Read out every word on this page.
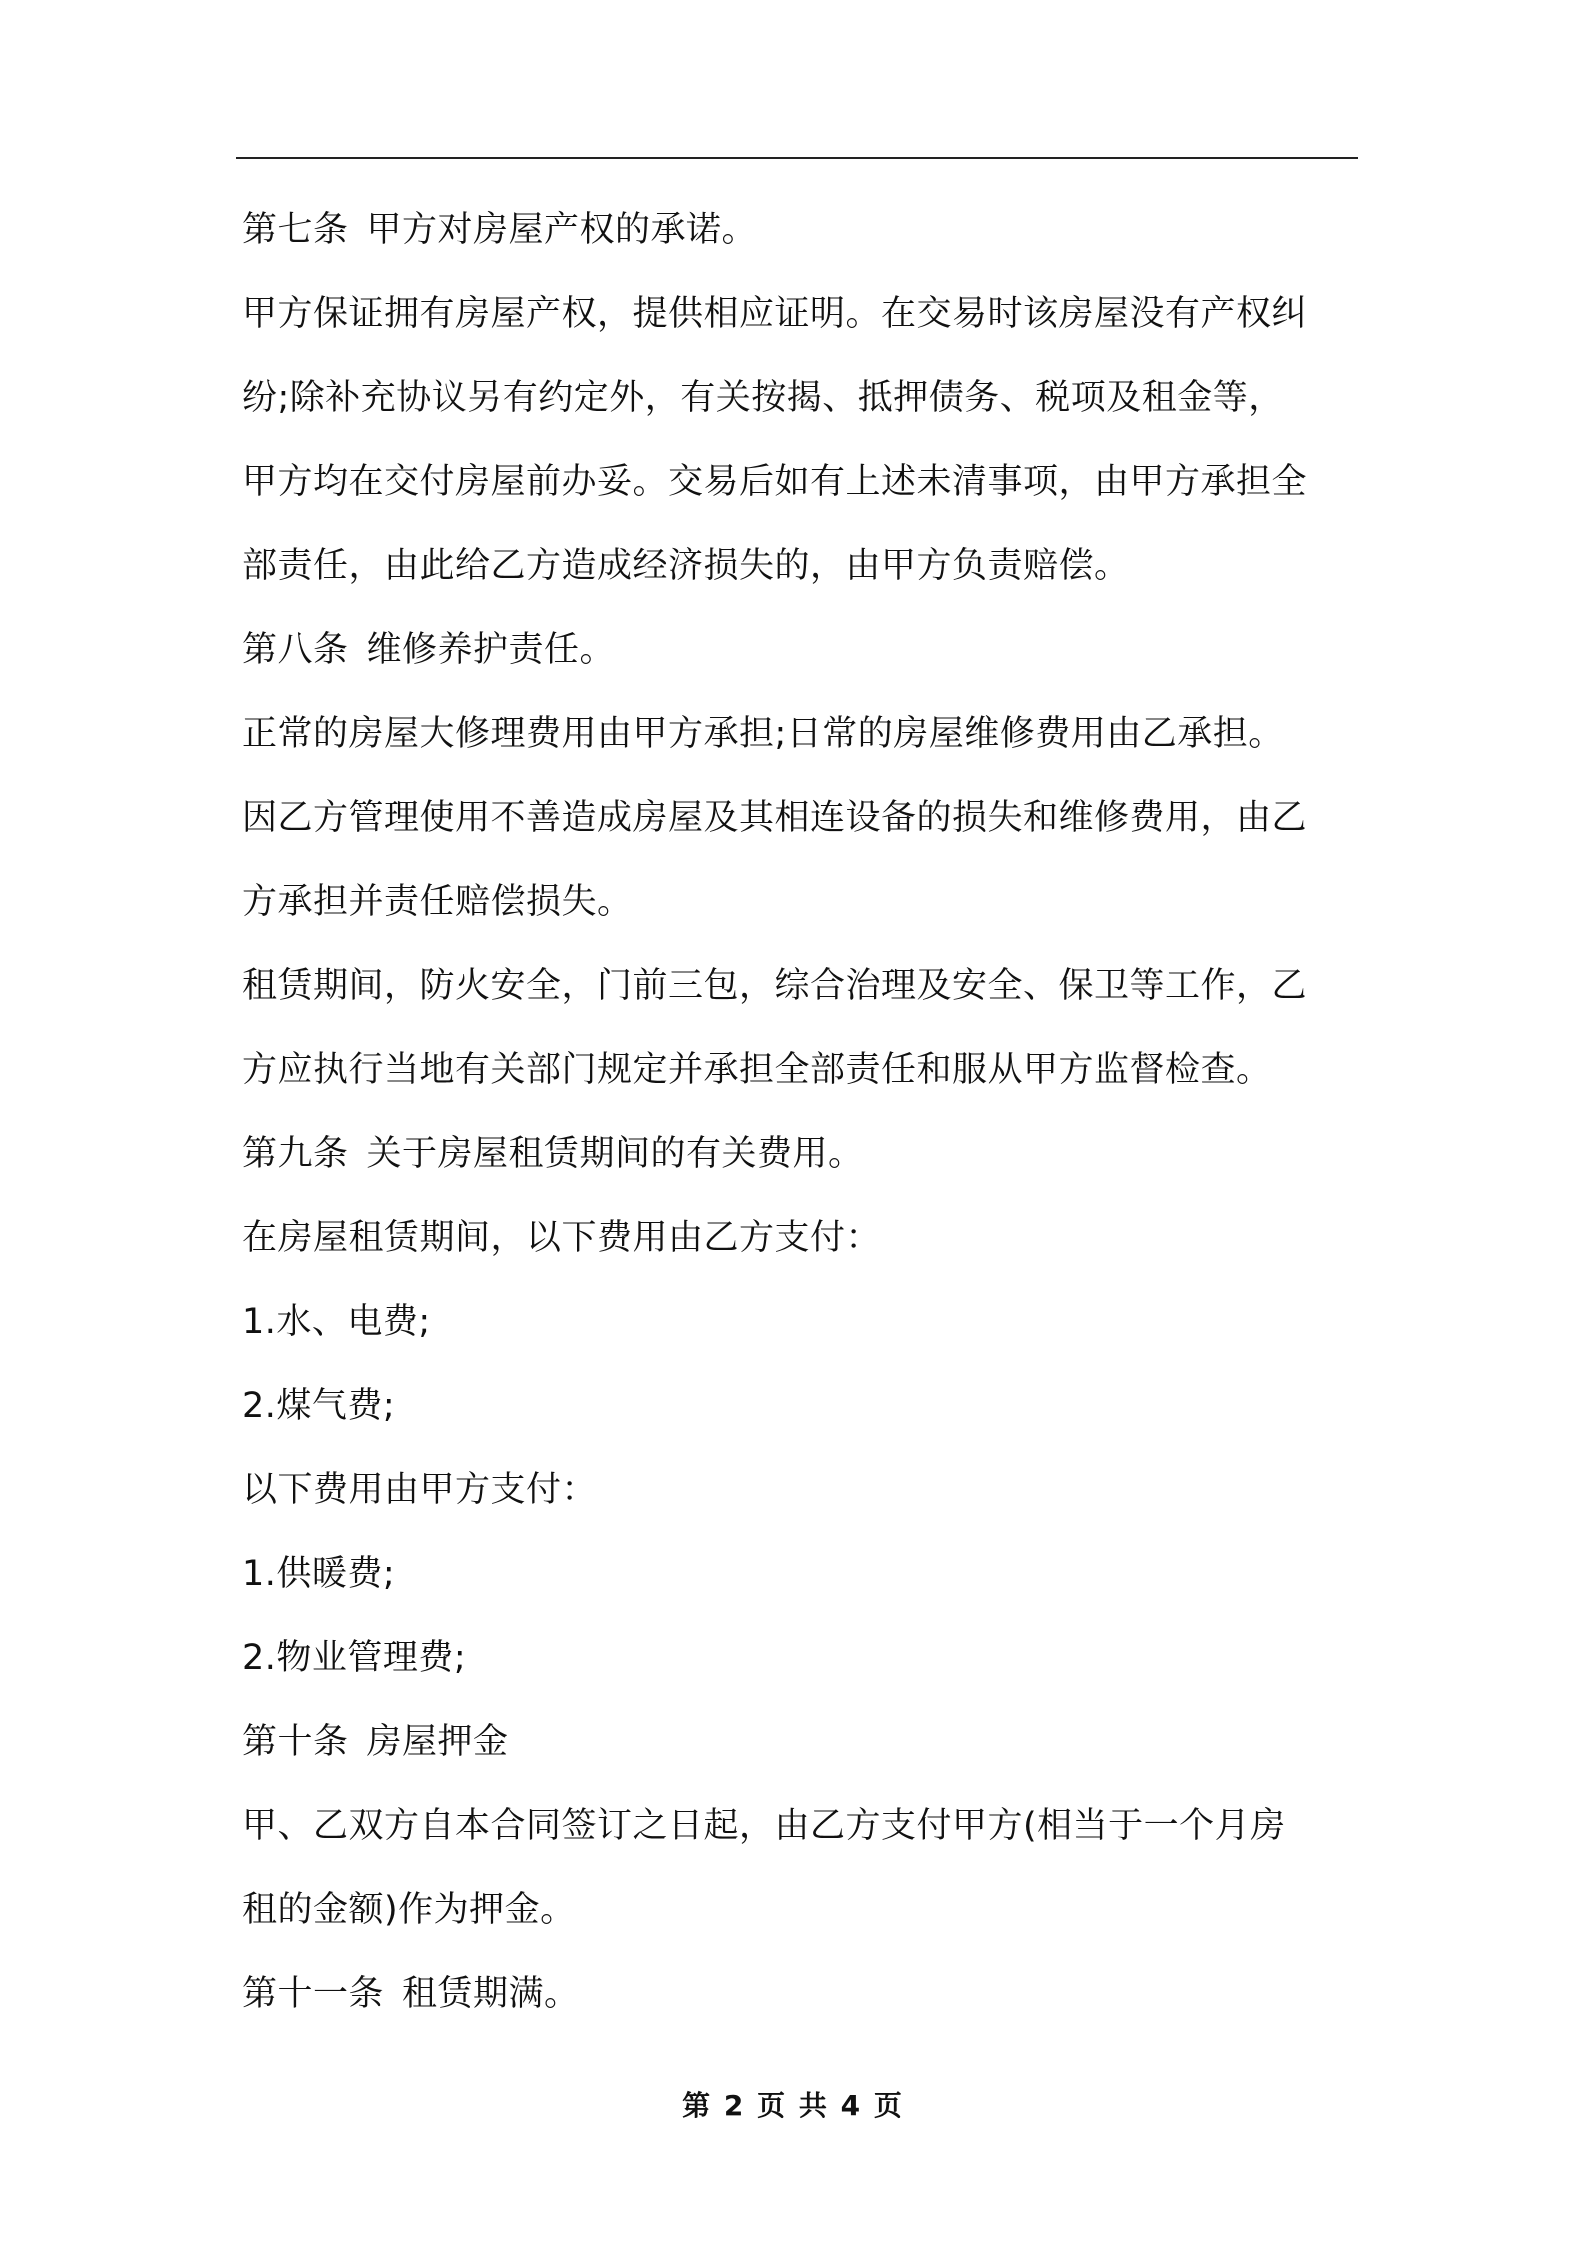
第七条 甲方对房屋产权的承诺。
甲方保证拥有房屋产权，提供相应证明。在交易时该房屋没有产权纠
纷;除补充协议另有约定外，有关按揭、抵押债务、税项及租金等，
甲方均在交付房屋前办妥。交易后如有上述未清事项，由甲方承担全
部责任，由此给乙方造成经济损失的，由甲方负责赔偿。
第八条 维修养护责任。
正常的房屋大修理费用由甲方承担;日常的房屋维修费用由乙承担。
因乙方管理使用不善造成房屋及其相连设备的损失和维修费用，由乙
方承担并责任赔偿损失。
租赁期间，防火安全，门前三包，综合治理及安全、保卫等工作，乙
方应执行当地有关部门规定并承担全部责任和服从甲方监督检查。
第九条 关于房屋租赁期间的有关费用。
在房屋租赁期间，以下费用由乙方支付：
1.水、电费;
2.煤气费;
以下费用由甲方支付：
1.供暖费;
2.物业管理费;
第十条 房屋押金
甲、乙双方自本合同签订之日起，由乙方支付甲方(相当于一个月房
租的金额)作为押金。
第十一条 租赁期满。
第 2 页 共 4 页
